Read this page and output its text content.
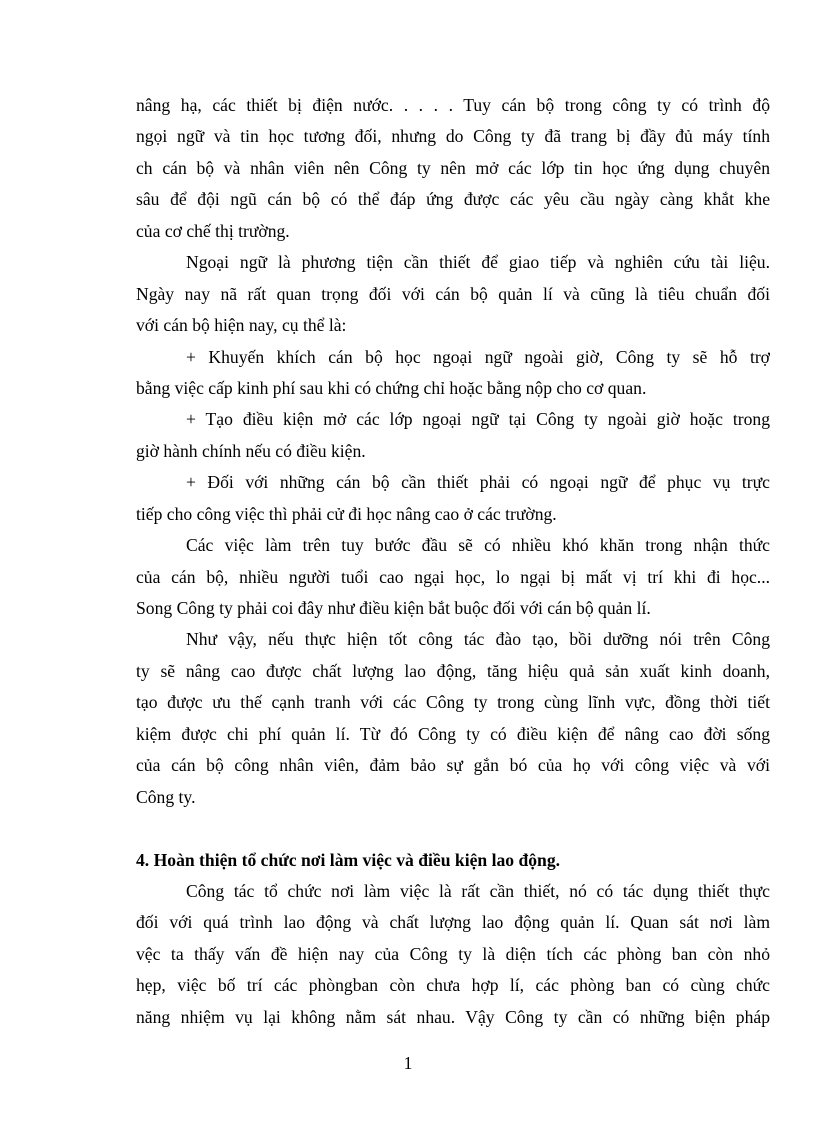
nâng hạ, các thiết bị điện nước. . . . . Tuy cán bộ trong công ty có trình độ
ngọi ngữ và tin học tương đối, nhưng do Công ty đã trang bị đầy đủ máy tính
ch cán bộ và nhân viên nên Công ty nên mở các lớp tin học ứng dụng chuyên
sâu để đội ngũ cán bộ có thể đáp ứng được các yêu cầu ngày càng khắt khe
của cơ chế thị trường.
Ngoại ngữ là phương tiện cần thiết để giao tiếp và nghiên cứu tài liệu.
Ngày nay nã rất quan trọng đối với cán bộ quản lí và cũng là tiêu chuẩn đối
với cán bộ hiện nay, cụ thể là:
+ Khuyến khích cán bộ học ngoại ngữ ngoài giờ, Công ty sẽ hỗ trợ
bằng việc cấp kinh phí sau khi có chứng chỉ hoặc bằng nộp cho cơ quan.
+ Tạo điều kiện mở các lớp ngoại ngữ tại Công ty ngoài giờ hoặc trong
giờ hành chính nếu có điều kiện.
+ Đối với những cán bộ cần thiết phải có ngoại ngữ để phục vụ trực
tiếp cho công việc thì phải cử đi học nâng cao ở các trường.
Các việc làm trên tuy bước đầu sẽ có nhiều khó khăn trong nhận thức
của cán bộ, nhiều người tuổi cao ngại học, lo ngại bị mất vị trí khi đi học...
Song Công ty phải coi đây như điều kiện bắt buộc đối với cán bộ quản lí.
Như vậy, nếu thực hiện tốt công tác đào tạo, bồi dưỡng nói trên Công
ty sẽ nâng cao được chất lượng lao động, tăng hiệu quả sản xuất kinh doanh,
tạo được ưu thế cạnh tranh với các Công ty trong cùng lĩnh vực, đồng thời tiết
kiệm được chi phí quản lí. Từ đó Công ty có điều kiện để nâng cao đời sống
của cán bộ công nhân viên, đảm bảo sự gắn bó của họ với công việc và với
Công ty.
4. Hoàn thiện tổ chức nơi làm việc và điều kiện lao động.
Công tác tổ chức nơi làm việc là rất cần thiết, nó có tác dụng thiết thực
đối với quá trình lao động và chất lượng lao động quản lí. Quan sát nơi làm
vệc ta thấy vấn đề hiện nay của Công ty là diện tích các phòng ban còn nhỏ
hẹp, việc bố trí các phòngban còn chưa hợp lí, các phòng ban có cùng chức
năng nhiệm vụ lại không nằm sát nhau. Vậy Công ty cần có những biện pháp
1
